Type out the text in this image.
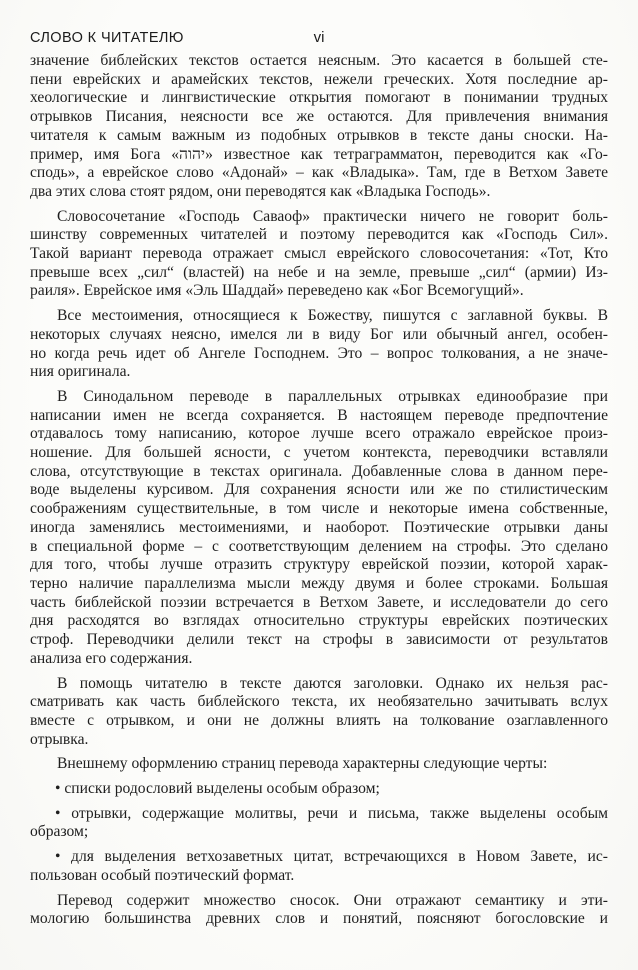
СЛОВО К ЧИТАТЕЛЮ	vi
значение библейских текстов остается неясным. Это касается в большей сте-
пени еврейских и арамейских текстов, нежели греческих. Хотя последние ар-
хеологические и лингвистические открытия помогают в понимании трудных
отрывков Писания, неясности все же остаются. Для привлечения внимания
читателя к самым важным из подобных отрывков в тексте даны сноски. На-
пример, имя Бога «יהוה» известное как тетраграмматон, переводится как «Го-
сподь», а еврейское слово «Адонай» – как «Владыка». Там, где в Ветхом Завете
два этих слова стоят рядом, они переводятся как «Владыка Господь».
Словосочетание «Господь Саваоф» практически ничего не говорит боль-
шинству современных читателей и поэтому переводится как «Господь Сил».
Такой вариант перевода отражает смысл еврейского словосочетания: «Тот, Кто
превыше всех „сил“ (властей) на небе и на земле, превыше „сил“ (армии) Из-
раиля». Еврейское имя «Эль Шаддай» переведено как «Бог Всемогущий».
Все местоимения, относящиеся к Божеству, пишутся с заглавной буквы. В
некоторых случаях неясно, имелся ли в виду Бог или обычный ангел, особен-
но когда речь идет об Ангеле Господнем. Это – вопрос толкования, а не значе-
ния оригинала.
В Синодальном переводе в параллельных отрывках единообразие при
написании имен не всегда сохраняется. В настоящем переводе предпочтение
отдавалось тому написанию, которое лучше всего отражало еврейское произ-
ношение. Для большей ясности, с учетом контекста, переводчики вставляли
слова, отсутствующие в текстах оригинала. Добавленные слова в данном пере-
воде выделены курсивом. Для сохранения ясности или же по стилистическим
соображениям существительные, в том числе и некоторые имена собственные,
иногда заменялись местоимениями, и наоборот. Поэтические отрывки даны
в специальной форме – с соответствующим делением на строфы. Это сделано
для того, чтобы лучше отразить структуру еврейской поэзии, которой харак-
терно наличие параллелизма мысли между двумя и более строками. Большая
часть библейской поэзии встречается в Ветхом Завете, и исследователи до сего
дня расходятся во взглядах относительно структуры еврейских поэтических
строф. Переводчики делили текст на строфы в зависимости от результатов
анализа его содержания.
В помощь читателю в тексте даются заголовки. Однако их нельзя рас-
сматривать как часть библейского текста, их необязательно зачитывать вслух
вместе с отрывком, и они не должны влиять на толкование озаглавленного
отрывка.
Внешнему оформлению страниц перевода характерны следующие черты:
• списки родословий выделены особым образом;
• отрывки, содержащие молитвы, речи и письма, также выделены особым
образом;
• для выделения ветхозаветных цитат, встречающихся в Новом Завете, ис-
пользован особый поэтический формат.
Перевод содержит множество сносок. Они отражают семантику и эти-
мологию большинства древних слов и понятий, поясняют богословские и
